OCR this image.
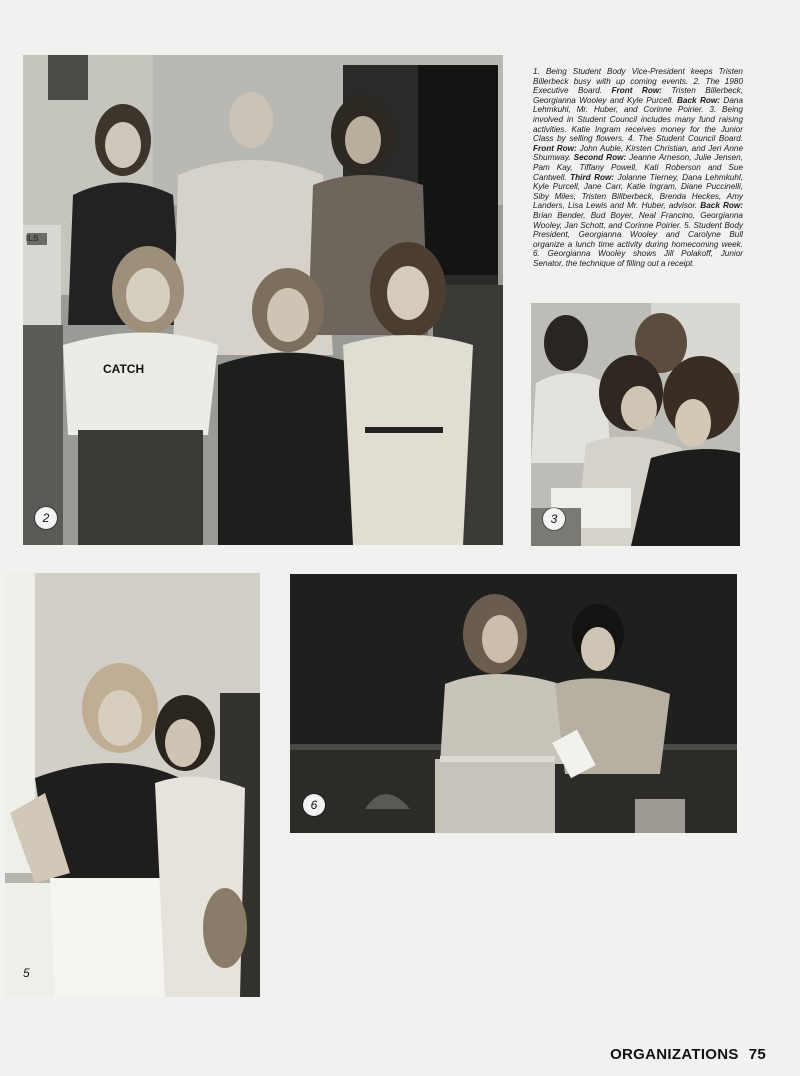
CATCH
ILS
2
1. Being Student Body Vice-President keeps Tristen Billerbeck busy with up coming events. 2. The 1980 Executive Board. Front Row: Tristen Billerbeck, Georgianna Wooley and Kyle Purcell. Back Row: Dana Lehmkuhl, Mr. Huber, and Corinne Poirier. 3. Being involved in Student Council includes many fund raising activities. Katie Ingram receives money for the Junior Class by selling flowers. 4. The Student Council Board. Front Row: John Auble, Kirsten Christian, and Jeri Anne Shumway. Second Row: Jeanne Arneson, Julie Jensen, Pam Kay, Tiffany Powell, Kati Roberson and Sue Cantwell. Third Row: Jolanne Tierney, Dana Lehmkuhl, Kyle Purcell, Jane Carr, Katie Ingram, Diane Puccinelli, Siby Miles, Tristen Billberbeck, Brenda Heckes, Amy Landers, Lisa Lewis and Mr. Huber, advisor. Back Row: Brian Bender, Bud Boyer, Neal Francino, Georgianna Wooley, Jan Schott, and Corinne Poirier. 5. Student Body President, Georgianna Wooley and Carolyne Bull organize a lunch time activity during homecoming week. 6. Georgianna Wooley shows Jill Polakoff, Junior Senator, the technique of filling out a receipt.
3
5
6
ORGANIZATIONS 75
